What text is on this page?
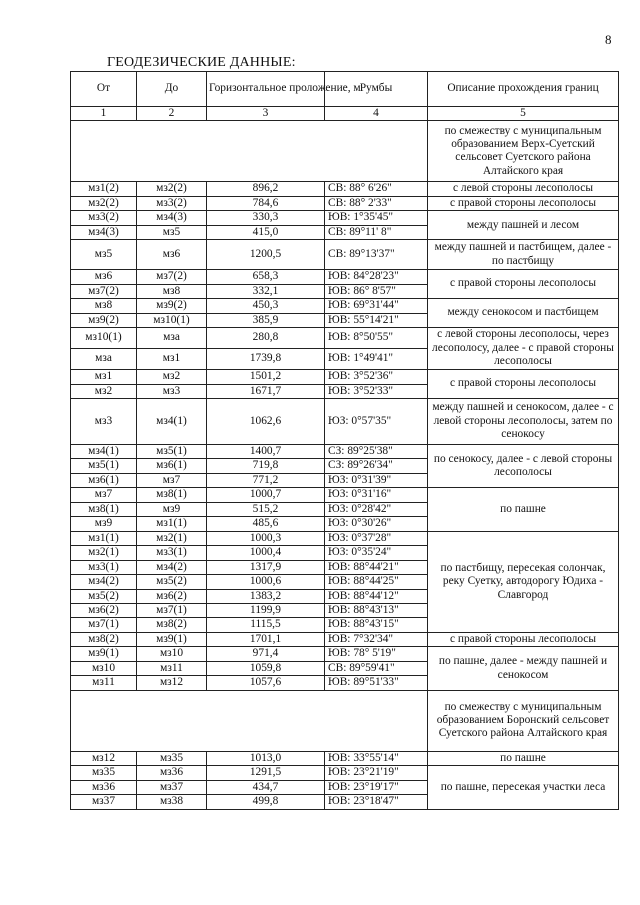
8
ГЕОДЕЗИЧЕСКИЕ ДАННЫЕ:
От	До	Горизонтальное проложение, м	Румбы	Описание прохождения границ
1	2	3	4	5
				по смежеству с муниципальным образованием Верх-Суетский сельсовет Суетского района Алтайского края
мз1(2)	мз2(2)	896,2	СВ: 88° 6'26"	с левой стороны лесополосы
мз2(2)	мз3(2)	784,6	СВ: 88° 2'33"	с правой стороны лесополосы
мз3(2)	мз4(3)	330,3	ЮВ: 1°35'45"	между пашней и лесом
мз4(3)	мз5	415,0	СВ: 89°11' 8"	
мз5	мз6	1200,5	СВ: 89°13'37"	между пашней и пастбищем, далее - по пастбищу
мз6	мз7(2)	658,3	ЮВ: 84°28'23"	с правой стороны лесополосы
мз7(2)	мз8	332,1	ЮВ: 86° 8'57"	
мз8	мз9(2)	450,3	ЮВ: 69°31'44"	между сенокосом и пастбищем
мз9(2)	мз10(1)	385,9	ЮВ: 55°14'21"	
мз10(1)	мза	280,8	ЮВ: 8°50'55"	с левой стороны лесополосы, через лесополосу, далее - с правой стороны лесополосы
мза	мз1	1739,8	ЮВ: 1°49'41"	
мз1	мз2	1501,2	ЮВ: 3°52'36"	с правой стороны лесополосы
мз2	мз3	1671,7	ЮВ: 3°52'33"	
мз3	мз4(1)	1062,6	ЮЗ: 0°57'35"	между пашней и сенокосом, далее - с левой стороны лесополосы, затем по сенокосу
мз4(1)	мз5(1)	1400,7	СЗ: 89°25'38"	по сенокосу, далее - с левой стороны лесополосы
мз5(1)	мз6(1)	719,8	СЗ: 89°26'34"	
мз6(1)	мз7	771,2	ЮЗ: 0°31'39"	
мз7	мз8(1)	1000,7	ЮЗ: 0°31'16"	по пашне
мз8(1)	мз9	515,2	ЮЗ: 0°28'42"	
мз9	мз1(1)	485,6	ЮЗ: 0°30'26"	
мз1(1)	мз2(1)	1000,3	ЮЗ: 0°37'28"	по пастбищу, пересекая солончак, реку Суетку, автодорогу Юдиха - Славгород
мз2(1)	мз3(1)	1000,4	ЮЗ: 0°35'24"	
мз3(1)	мз4(2)	1317,9	ЮВ: 88°44'21"	
мз4(2)	мз5(2)	1000,6	ЮВ: 88°44'25"	
мз5(2)	мз6(2)	1383,2	ЮВ: 88°44'12"	
мз6(2)	мз7(1)	1199,9	ЮВ: 88°43'13"	
мз7(1)	мз8(2)	1115,5	ЮВ: 88°43'15"	
мз8(2)	мз9(1)	1701,1	ЮВ: 7°32'34"	с правой стороны лесополосы
мз9(1)	мз10	971,4	ЮВ: 78° 5'19"	по пашне, далее - между пашней и сенокосом
мз10	мз11	1059,8	СВ: 89°59'41"	
мз11	мз12	1057,6	ЮВ: 89°51'33"	
				по смежеству с муниципальным образованием Боронский сельсовет Суетского района Алтайского края
мз12	мз35	1013,0	ЮВ: 33°55'14"	по пашне
мз35	мз36	1291,5	ЮВ: 23°21'19"	по пашне, пересекая участки леса
мз36	мз37	434,7	ЮВ: 23°19'17"	
мз37	мз38	499,8	ЮВ: 23°18'47"	
